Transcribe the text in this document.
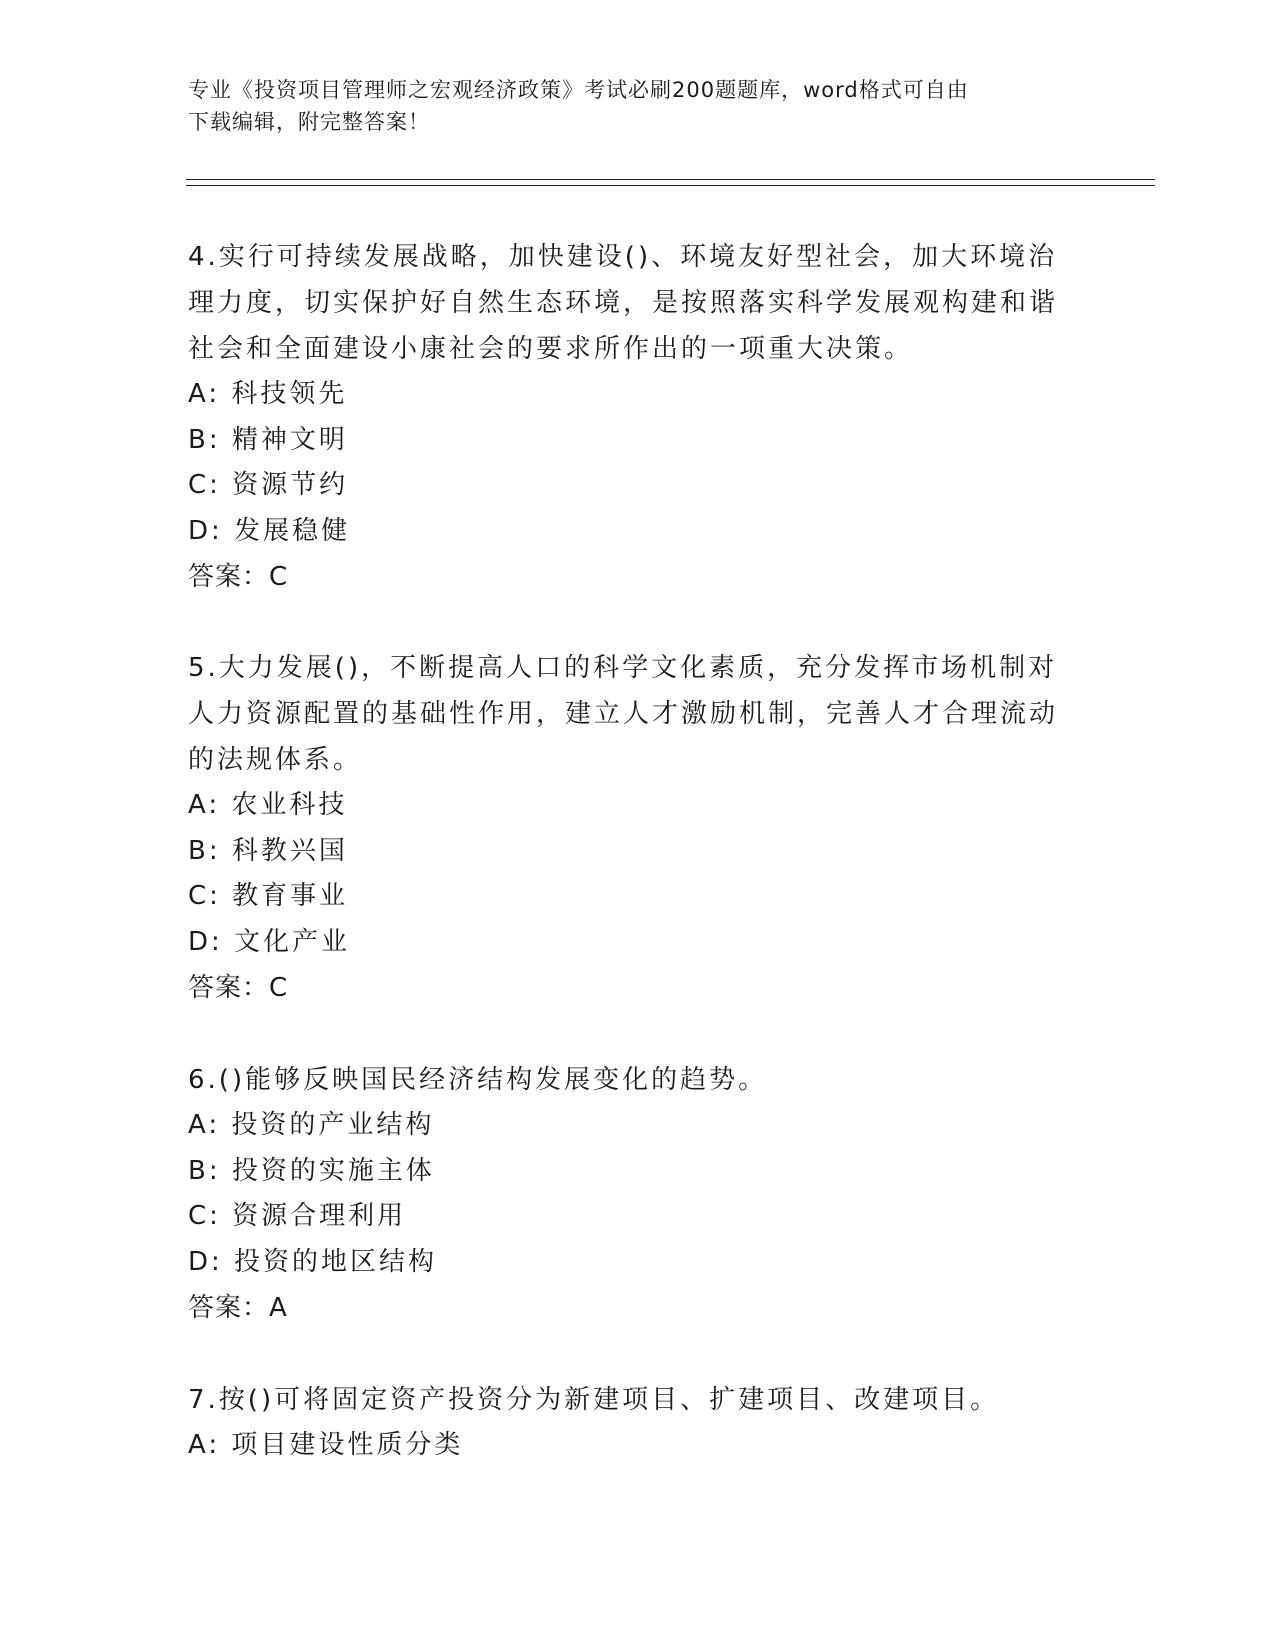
专业《投资项目管理师之宏观经济政策》考试必刷200题题库，word格式可自由
下载编辑，附完整答案！

4.实行可持续发展战略，加快建设()、环境友好型社会，加大环境治

理力度，切实保护好自然生态环境，是按照落实科学发展观构建和谐

社会和全面建设小康社会的要求所作出的一项重大决策。

A: 科技领先

B: 精神文明

C: 资源节约

D: 发展稳健

答案：C

5.大力发展()，不断提高人口的科学文化素质，充分发挥市场机制对

人力资源配置的基础性作用，建立人才激励机制，完善人才合理流动

的法规体系。

A: 农业科技

B: 科教兴国

C: 教育事业

D: 文化产业

答案：C

6.()能够反映国民经济结构发展变化的趋势。

A: 投资的产业结构

B: 投资的实施主体

C: 资源合理利用

D: 投资的地区结构

答案：A

7.按()可将固定资产投资分为新建项目、扩建项目、改建项目。

A: 项目建设性质分类
